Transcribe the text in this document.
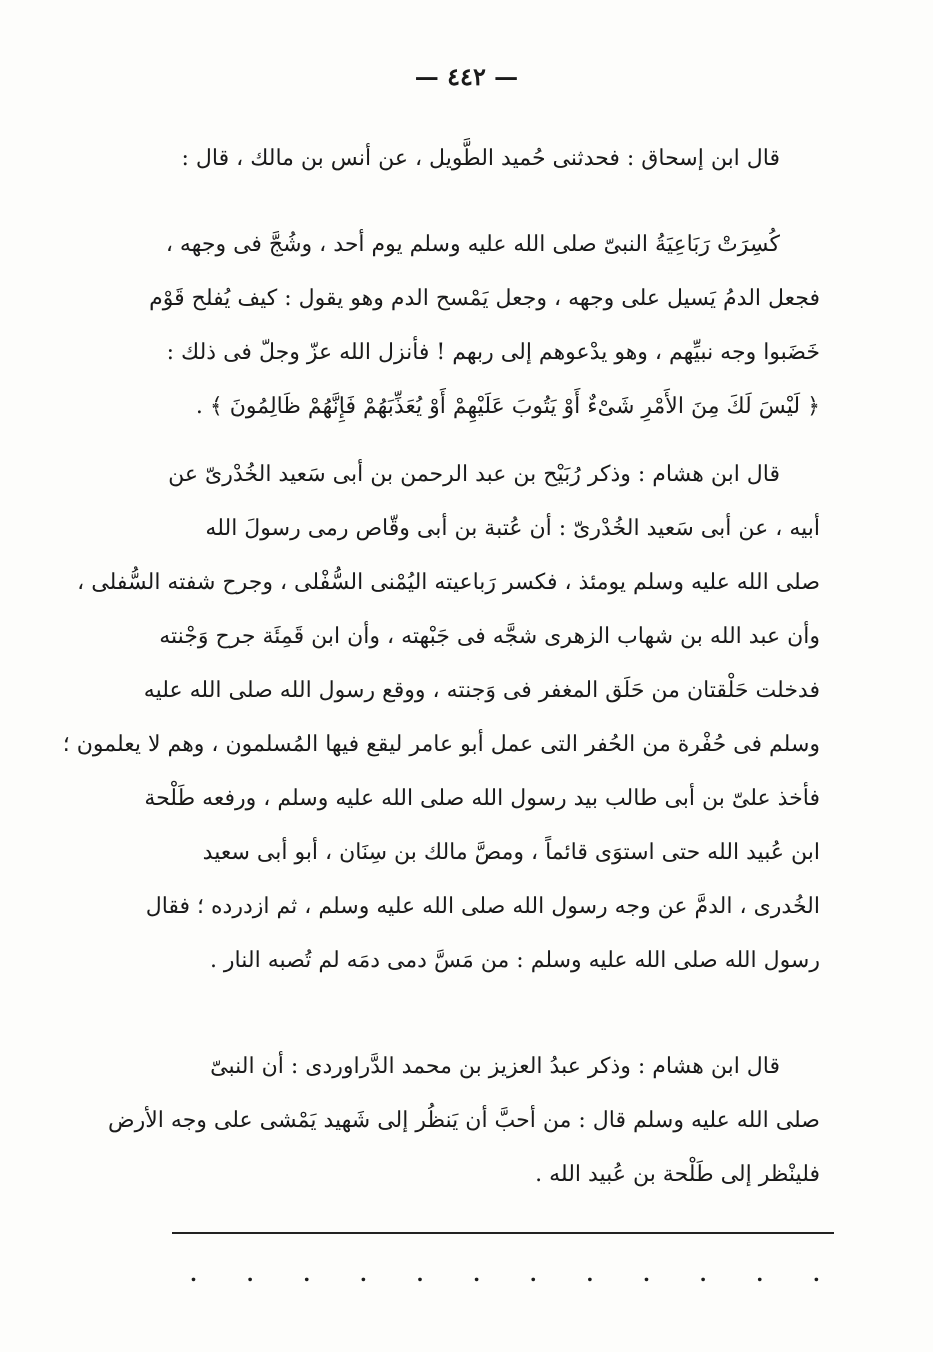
— ٤٤٢ —
قال ابن إسحاق : فحدثنى حُميد الطَّويل ، عن أنس بن مالك ، قال :
كُسِرَتْ رَبَاعِيَةُ النبىّ صلى الله عليه وسلم يوم أحد ، وشُجَّ فى وجهه ،
فجعل الدمُ يَسيل على وجهه ، وجعل يَمْسح الدم وهو يقول : كيف يُفلح قَوْم
خَضَبوا وجه نبيِّهم ، وهو يدْعوهم إلى ربهم ! فأنزل الله عزّ وجلّ فى ذلك :
﴿ لَيْسَ لَكَ مِنَ الأَمْرِ شَىْءٌ أَوْ يَتُوبَ عَلَيْهِمْ أَوْ يُعَذِّبَهُمْ فَإِنَّهُمْ ظَالِمُونَ ﴾ .
قال ابن هشام : وذكر رُبَيْح بن عبد الرحمن بن أبى سَعيد الخُدْرىّ عن
أبيه ، عن أبى سَعيد الخُدْرىّ : أن عُتبة بن أبى وقّاص رمى رسولَ الله
صلى الله عليه وسلم يومئذ ، فكسر رَباعيته اليُمْنى السُّفْلى ، وجرح شفته السُّفلى ،
وأن عبد الله بن شهاب الزهرى شجَّه فى جَبْهته ، وأن ابن قَمِئَة جرح وَجْنته
فدخلت حَلْقتان من حَلَق المغفر فى وَجنته ، ووقع رسول الله صلى الله عليه
وسلم فى حُفْرة من الحُفر التى عمل أبو عامر ليقع فيها المُسلمون ، وهم لا يعلمون ؛
فأخذ علىّ بن أبى طالب بيد رسول الله صلى الله عليه وسلم ، ورفعه طَلْحة
ابن عُبيد الله حتى استوَى قائماً ، ومصَّ مالك بن سِنَان ، أبو أبى سعيد
الخُدرى ، الدمَّ عن وجه رسول الله صلى الله عليه وسلم ، ثم ازدرده ؛ فقال
رسول الله صلى الله عليه وسلم : من مَسَّ دمى دمَه لم تُصبه النار .
قال ابن هشام : وذكر عبدُ العزيز بن محمد الدَّراوردى : أن النبىّ
صلى الله عليه وسلم قال : من أحبَّ أن يَنظُر إلى شَهيد يَمْشى على وجه الأرض
فلينْظر إلى طَلْحة بن عُبيد الله .
. . . . . . . . . . . .
